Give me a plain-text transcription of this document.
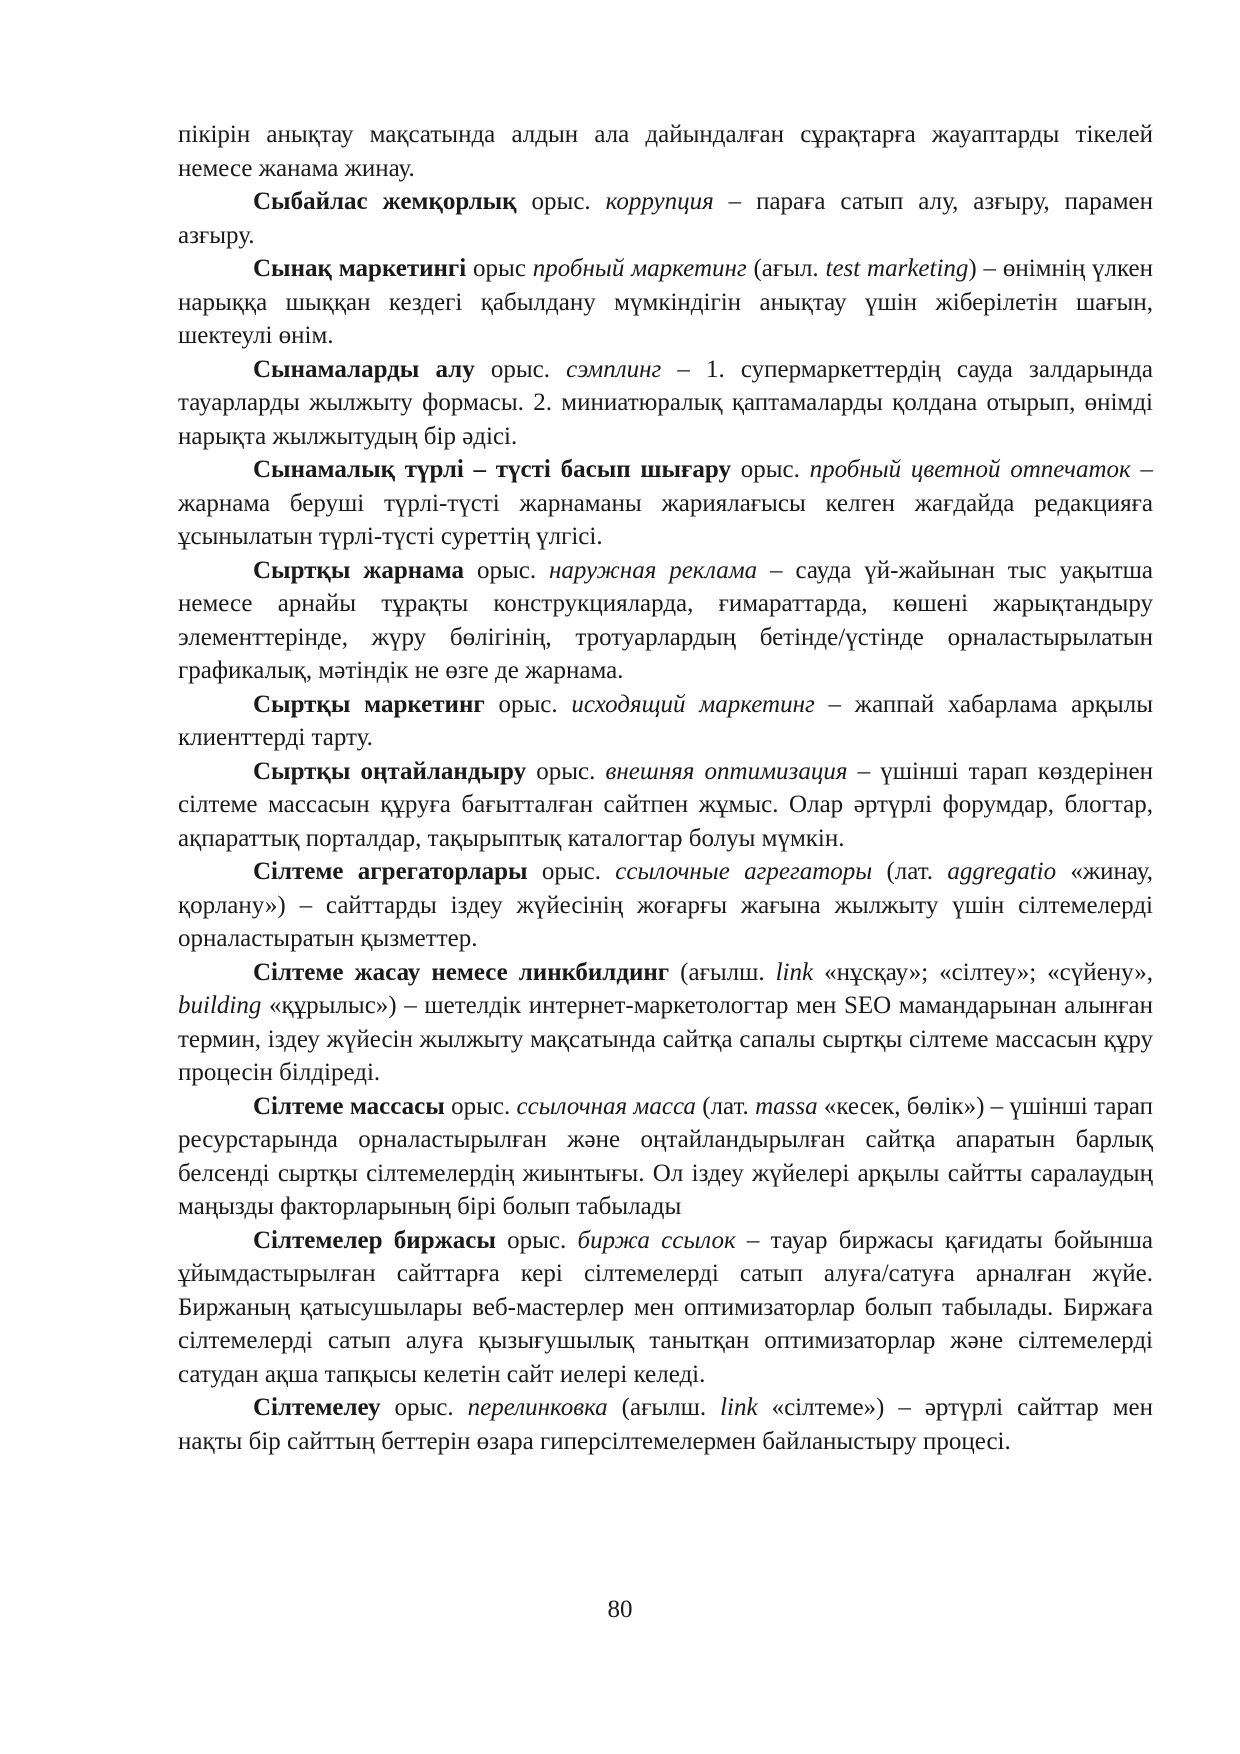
пікірін анықтау мақсатында алдын ала дайындалған сұрақтарға жауаптарды тікелей немесе жанама жинау.

Сыбайлас жемқорлық орыс. коррупция – параға сатып алу, азғыру, парамен азғыру.

Сынақ маркетингі орыс пробный маркетинг (ағыл. test marketing) – өнімнің үлкен нарыққа шыққан кездегі қабылдану мүмкіндігін анықтау үшін жіберілетін шағын, шектеулі өнім.

Сынамаларды алу орыс. сэмплинг – 1. супермаркеттердің сауда залдарында тауарларды жылжыту формасы. 2. миниатюралық қаптамаларды қолдана отырып, өнімді нарықта жылжытудың бір әдісі.

Сынамалық түрлі – түсті басып шығару орыс. пробный цветной отпечаток – жарнама беруші түрлі-түсті жарнаманы жариялағысы келген жағдайда редакцияға ұсынылатын түрлі-түсті суреттің үлгісі.

Сыртқы жарнама орыс. наружная реклама – сауда үй-жайынан тыс уақытша немесе арнайы тұрақты конструкцияларда, ғимараттарда, көшені жарықтандыру элементтерінде, жүру бөлігінің, тротуарлардың бетінде/үстінде орналастырылатын графикалық, мәтіндік не өзге де жарнама.

Сыртқы маркетинг орыс. исходящий маркетинг – жаппай хабарлама арқылы клиенттерді тарту.

Сыртқы оңтайландыру орыс. внешняя оптимизация – үшінші тарап көздерінен сілтеме массасын құруға бағытталған сайтпен жұмыс. Олар әртүрлі форумдар, блогтар, ақпараттық порталдар, тақырыптық каталогтар болуы мүмкін.

Сілтеме агрегаторлары орыс. ссылочные агрегаторы (лат. aggregatio «жинау, қорлану») – сайттарды іздеу жүйесінің жоғарғы жағына жылжыту үшін сілтемелерді орналастыратын қызметтер.

Сілтеме жасау немесе линкбилдинг (ағылш. link «нұсқау»; «сілтеу»; «сүйену», building «құрылыс») – шетелдік интернет-маркетологтар мен SEO мамандарынан алынған термин, іздеу жүйесін жылжыту мақсатында сайтқа сапалы сыртқы сілтеме массасын құру процесін білдіреді.

Сілтеме массасы орыс. ссылочная масса (лат. massa «кесек, бөлік») – үшінші тарап ресурстарында орналастырылған және оңтайландырылған сайтқа апаратын барлық белсенді сыртқы сілтемелердің жиынтығы. Ол іздеу жүйелері арқылы сайтты саралаудың маңызды факторларының бірі болып табылады

Сілтемелер биржасы орыс. биржа ссылок – тауар биржасы қағидаты бойынша ұйымдастырылған сайттарға кері сілтемелерді сатып алуға/сатуға арналған жүйе. Биржаның қатысушылары веб-мастерлер мен оптимизаторлар болып табылады. Биржаға сілтемелерді сатып алуға қызығушылық танытқан оптимизаторлар және сілтемелерді сатудан ақша тапқысы келетін сайт иелері келеді.

Сілтемелеу орыс. перелинковка (ағылш. link «сілтеме») – әртүрлі сайттар мен нақты бір сайттың беттерін өзара гиперсілтемелермен байланыстыру процесі.

80
